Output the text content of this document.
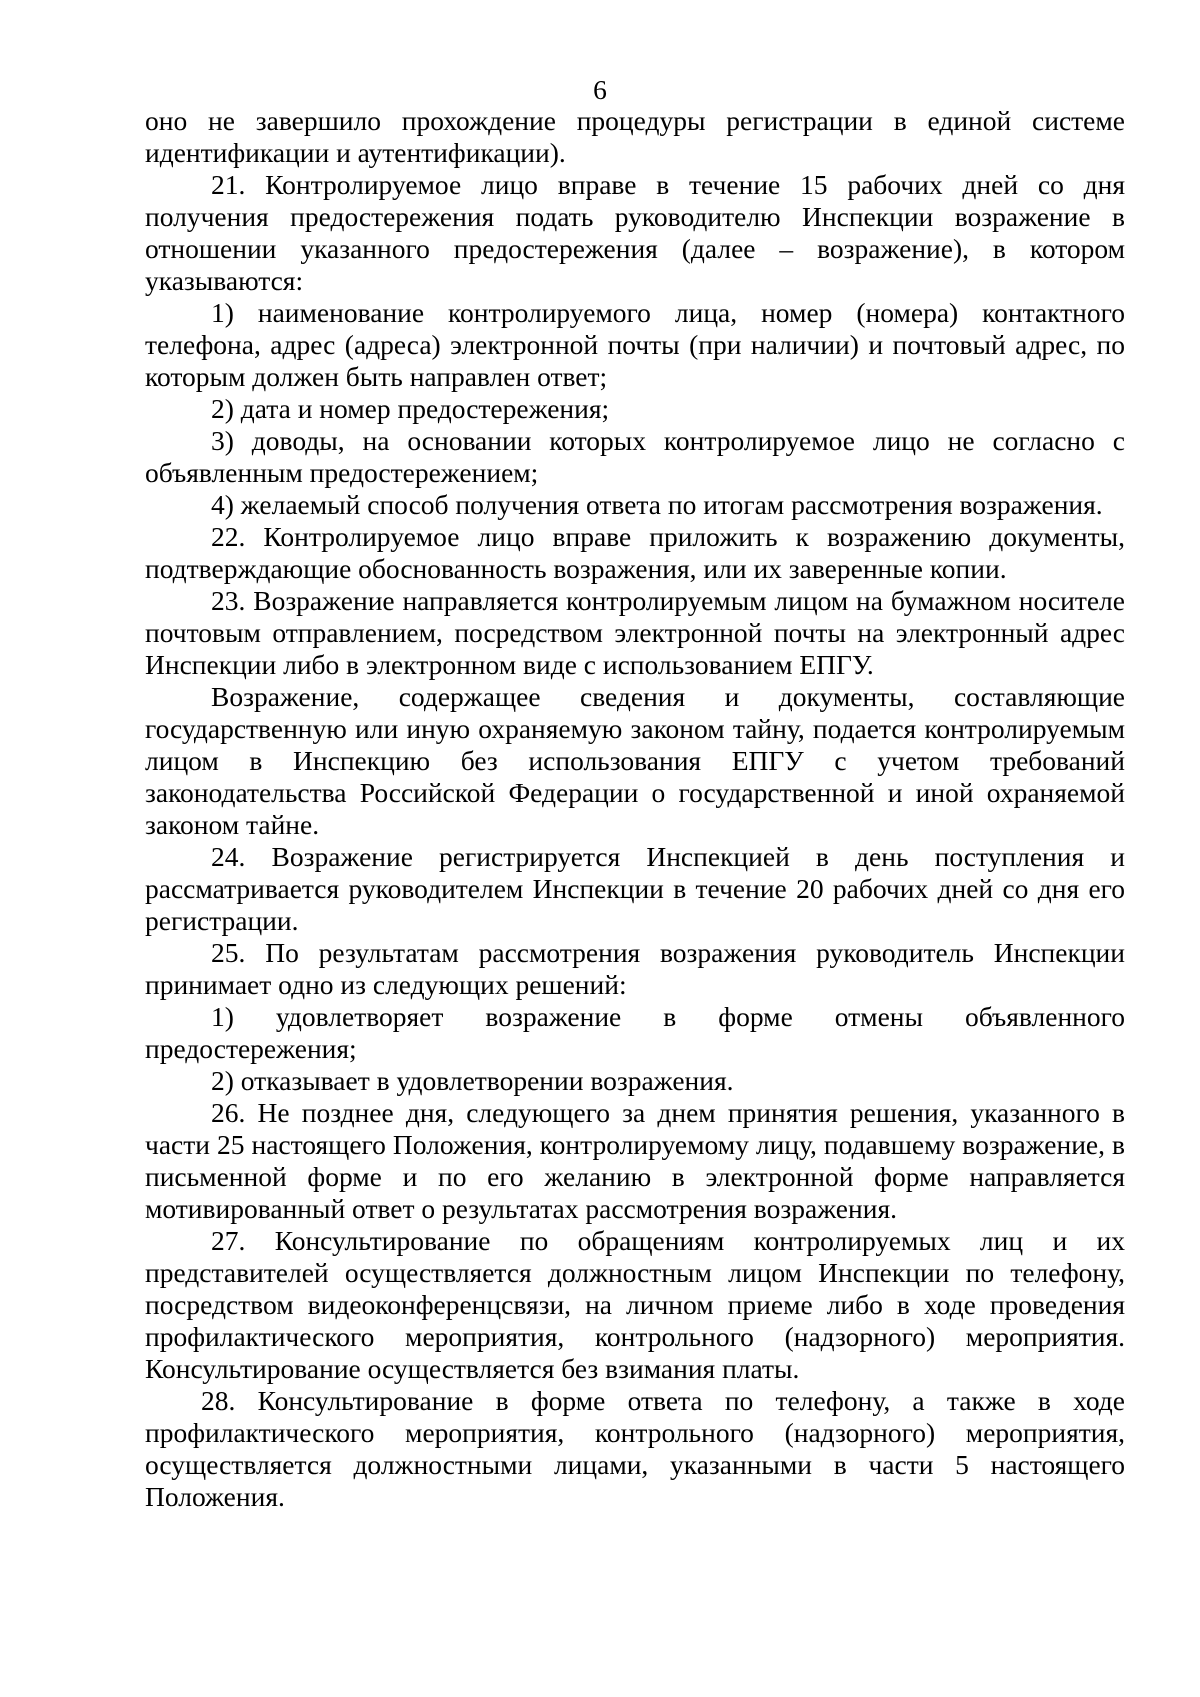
6

оно не завершило прохождение процедуры регистрации в единой системе идентификации и аутентификации).

21. Контролируемое лицо вправе в течение 15 рабочих дней со дня получения предостережения подать руководителю Инспекции возражение в отношении указанного предостережения (далее – возражение), в котором указываются:

1) наименование контролируемого лица, номер (номера) контактного телефона, адрес (адреса) электронной почты (при наличии) и почтовый адрес, по которым должен быть направлен ответ;

2) дата и номер предостережения;

3) доводы, на основании которых контролируемое лицо не согласно с объявленным предостережением;

4) желаемый способ получения ответа по итогам рассмотрения возражения.

22. Контролируемое лицо вправе приложить к возражению документы, подтверждающие обоснованность возражения, или их заверенные копии.

23. Возражение направляется контролируемым лицом на бумажном носителе почтовым отправлением, посредством электронной почты на электронный адрес Инспекции либо в электронном виде с использованием ЕПГУ.

Возражение, содержащее сведения и документы, составляющие государственную или иную охраняемую законом тайну, подается контролируемым лицом в Инспекцию без использования ЕПГУ с учетом требований законодательства Российской Федерации о государственной и иной охраняемой законом тайне.

24. Возражение регистрируется Инспекцией в день поступления и рассматривается руководителем Инспекции в течение 20 рабочих дней со дня его регистрации.

25. По результатам рассмотрения возражения руководитель Инспекции принимает одно из следующих решений:

1) удовлетворяет возражение в форме отмены объявленного предостережения;

2) отказывает в удовлетворении возражения.

26. Не позднее дня, следующего за днем принятия решения, указанного в части 25 настоящего Положения, контролируемому лицу, подавшему возражение, в письменной форме и по его желанию в электронной форме направляется мотивированный ответ о результатах рассмотрения возражения.

27. Консультирование по обращениям контролируемых лиц и их представителей осуществляется должностным лицом Инспекции по телефону, посредством видеоконференцсвязи, на личном приеме либо в ходе проведения профилактического мероприятия, контрольного (надзорного) мероприятия. Консультирование осуществляется без взимания платы.

28. Консультирование в форме ответа по телефону, а также в ходе профилактического мероприятия, контрольного (надзорного) мероприятия, осуществляется должностными лицами, указанными в части 5 настоящего Положения.
